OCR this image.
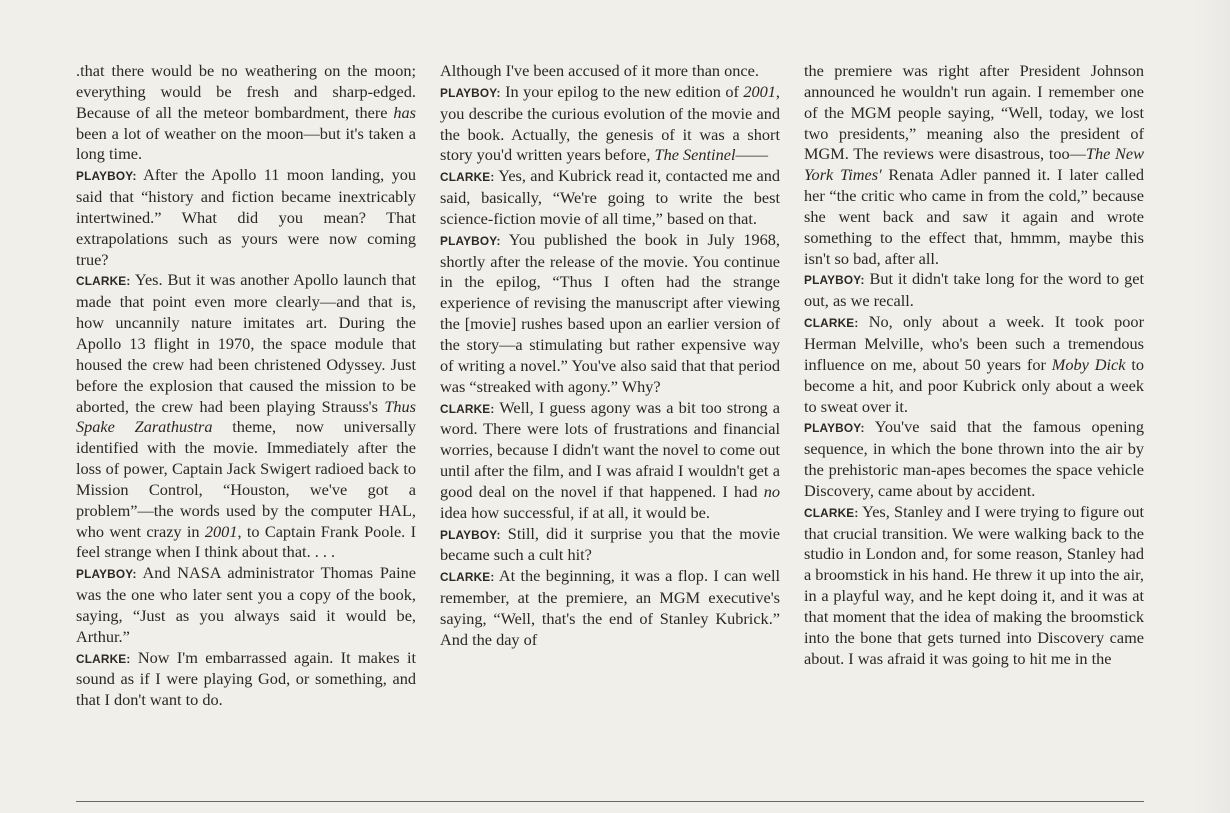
.that there would be no weathering on the moon; everything would be fresh and sharp-edged. Because of all the meteor bombardment, there has been a lot of weather on the moon—but it's taken a long time.

PLAYBOY: After the Apollo 11 moon landing, you said that “history and fiction became inextricably intertwined.” What did you mean? That extrapolations such as yours were now coming true?

CLARKE: Yes. But it was another Apollo launch that made that point even more clearly—and that is, how uncannily nature imitates art. During the Apollo 13 flight in 1970, the space module that housed the crew had been christened Odyssey. Just before the explosion that caused the mission to be aborted, the crew had been playing Strauss's Thus Spake Zarathustra theme, now universally identified with the movie. Immediately after the loss of power, Captain Jack Swigert radioed back to Mission Control, “Houston, we've got a problem”—the words used by the computer HAL, who went crazy in 2001, to Captain Frank Poole. I feel strange when I think about that. . . .

PLAYBOY: And NASA administrator Thomas Paine was the one who later sent you a copy of the book, saying, “Just as you always said it would be, Arthur.”

CLARKE: Now I'm embarrassed again. It makes it sound as if I were playing God, or something, and that I don't want to do.

Although I've been accused of it more than once.

PLAYBOY: In your epilog to the new edition of 2001, you describe the curious evolution of the movie and the book. Actually, the genesis of it was a short story you'd written years before, The Sentinel——

CLARKE: Yes, and Kubrick read it, contacted me and said, basically, “We're going to write the best science-fiction movie of all time,” based on that.

PLAYBOY: You published the book in July 1968, shortly after the release of the movie. You continue in the epilog, “Thus I often had the strange experience of revising the manuscript after viewing the [movie] rushes based upon an earlier version of the story—a stimulating but rather expensive way of writing a novel.” You've also said that that period was “streaked with agony.” Why?

CLARKE: Well, I guess agony was a bit too strong a word. There were lots of frustrations and financial worries, because I didn't want the novel to come out until after the film, and I was afraid I wouldn't get a good deal on the novel if that happened. I had no idea how successful, if at all, it would be.

PLAYBOY: Still, did it surprise you that the movie became such a cult hit?

CLARKE: At the beginning, it was a flop. I can well remember, at the premiere, an MGM executive's saying, “Well, that's the end of Stanley Kubrick.” And the day of

the premiere was right after President Johnson announced he wouldn't run again. I remember one of the MGM people saying, “Well, today, we lost two presidents,” meaning also the president of MGM. The reviews were disastrous, too—The New York Times' Renata Adler panned it. I later called her “the critic who came in from the cold,” because she went back and saw it again and wrote something to the effect that, hmmm, maybe this isn't so bad, after all.

PLAYBOY: But it didn't take long for the word to get out, as we recall.

CLARKE: No, only about a week. It took poor Herman Melville, who's been such a tremendous influence on me, about 50 years for Moby Dick to become a hit, and poor Kubrick only about a week to sweat over it.

PLAYBOY: You've said that the famous opening sequence, in which the bone thrown into the air by the prehistoric man-apes becomes the space vehicle Discovery, came about by accident.

CLARKE: Yes, Stanley and I were trying to figure out that crucial transition. We were walking back to the studio in London and, for some reason, Stanley had a broomstick in his hand. He threw it up into the air, in a playful way, and he kept doing it, and it was at that moment that the idea of making the broomstick into the bone that gets turned into Discovery came about. I was afraid it was going to hit me in the
